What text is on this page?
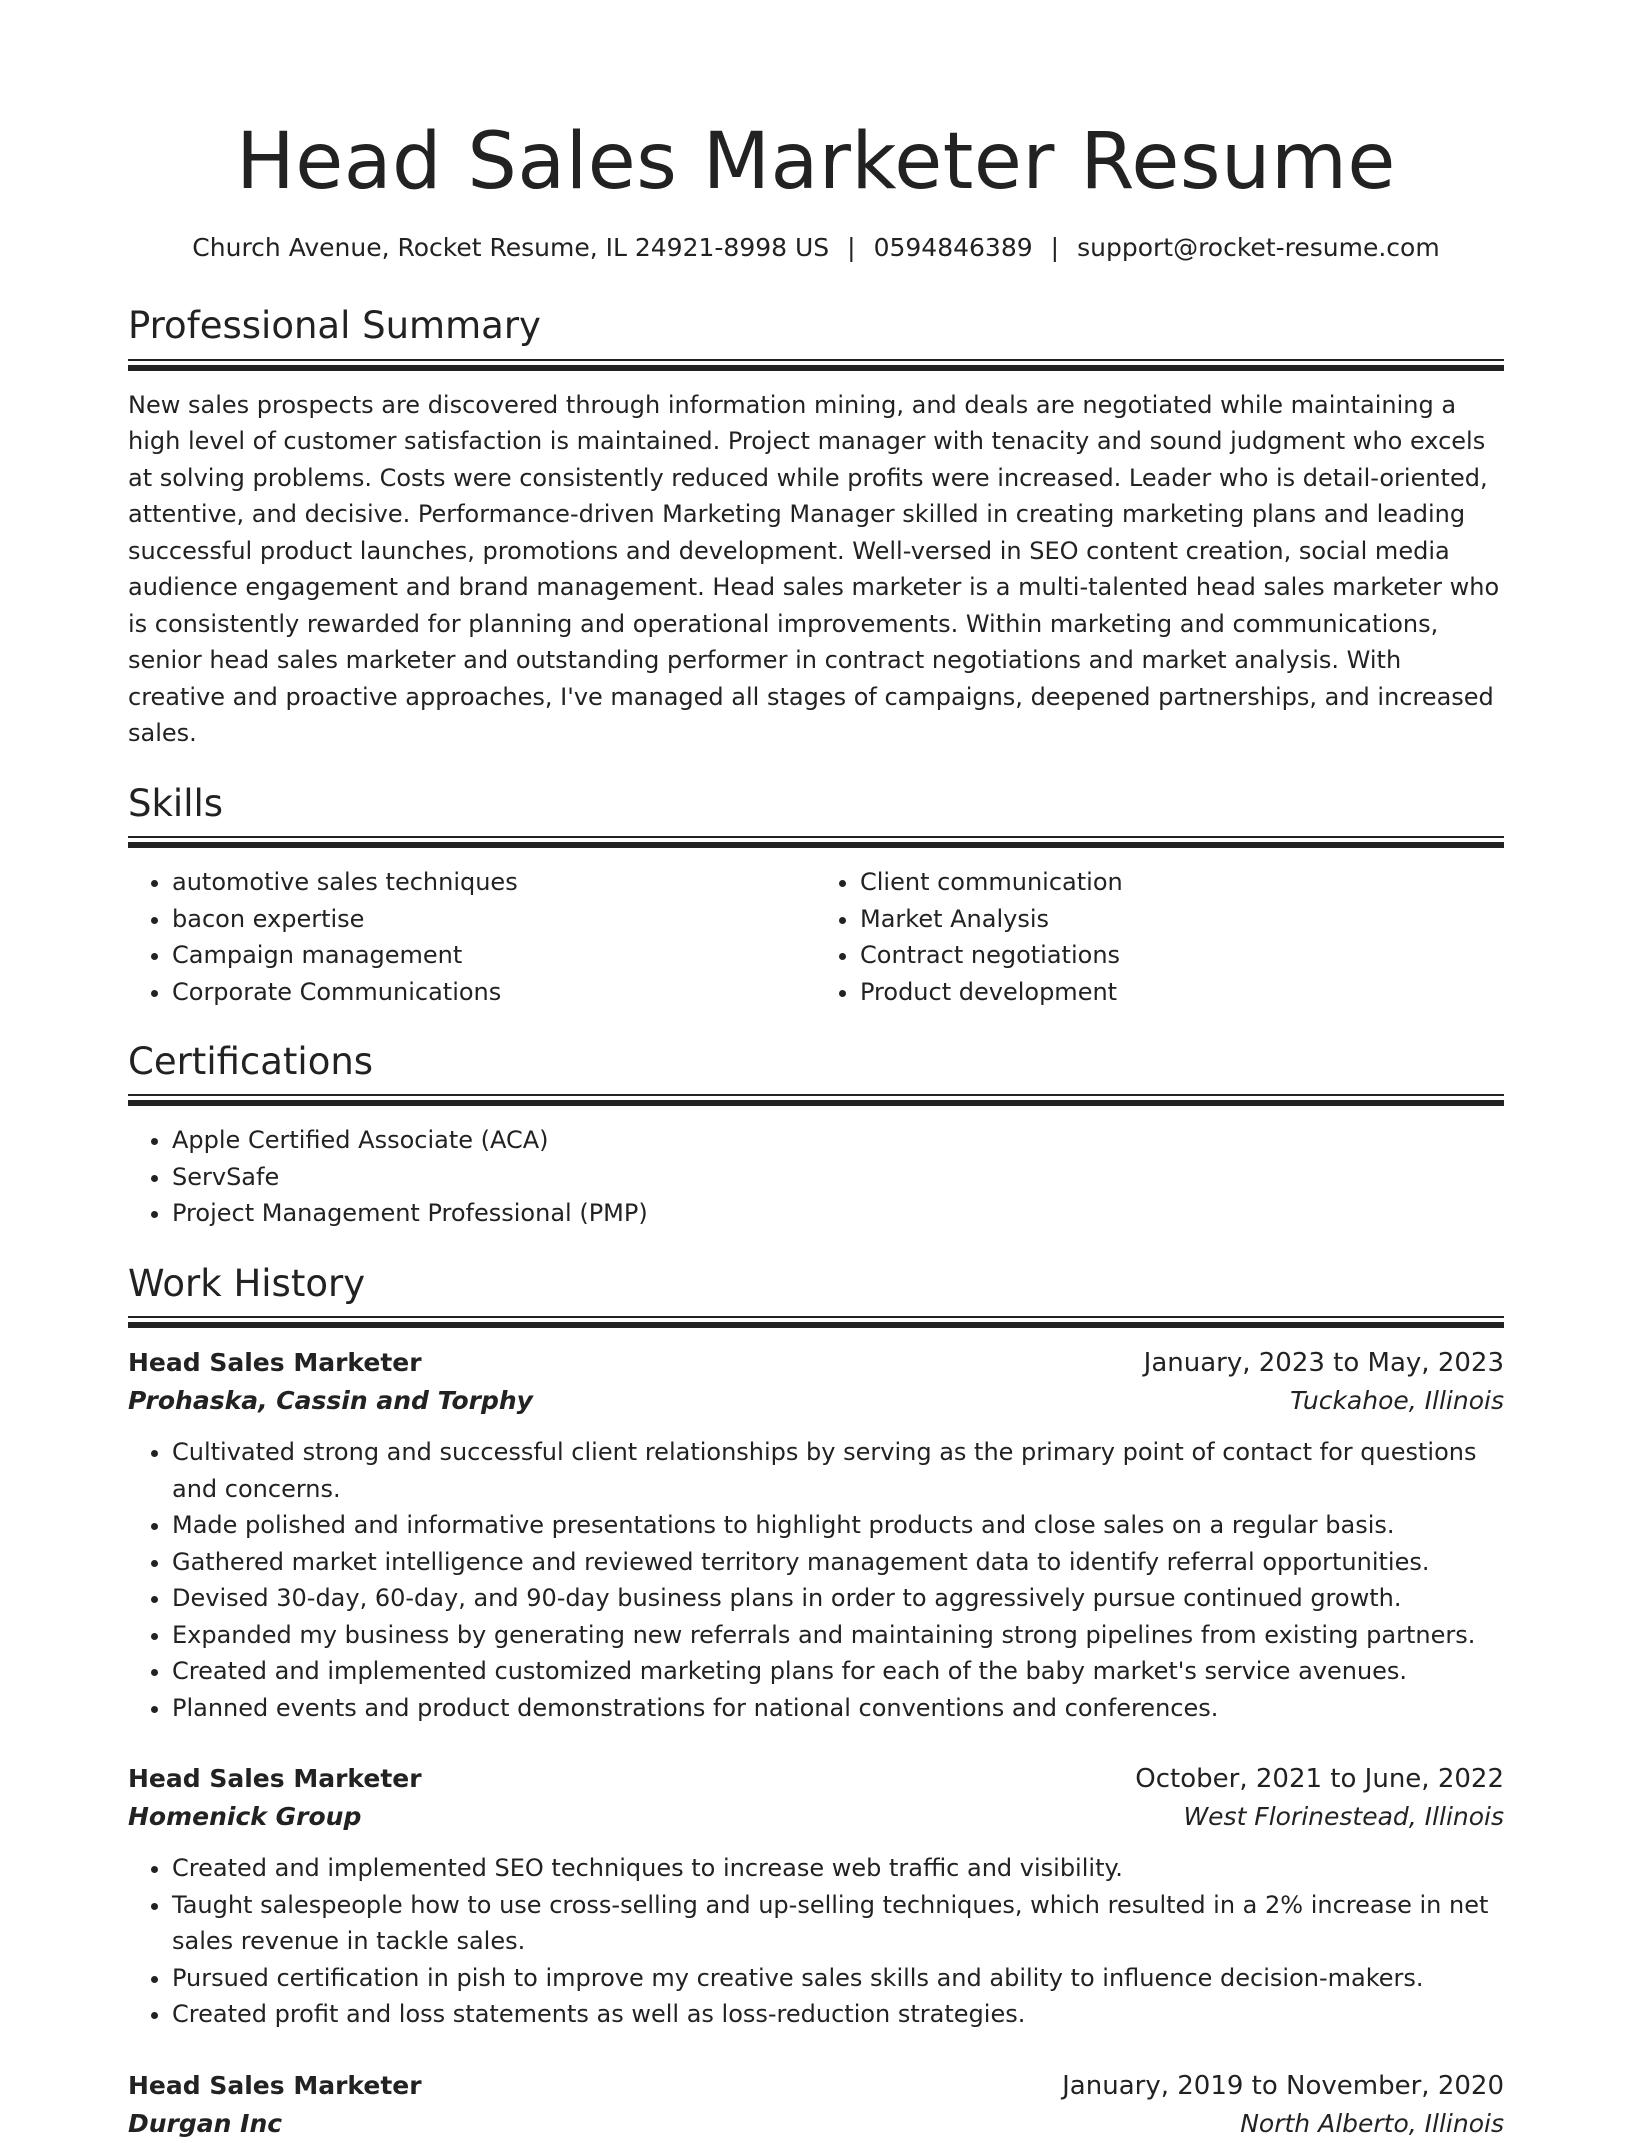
Head Sales Marketer Resume
Church Avenue, Rocket Resume, IL 24921-8998 US | 0594846389 | support@rocket-resume.com
Professional Summary

New sales prospects are discovered through information mining, and deals are negotiated while maintaining a high level of customer satisfaction is maintained. Project manager with tenacity and sound judgment who excels at solving problems. Costs were consistently reduced while profits were increased. Leader who is detail-oriented, attentive, and decisive. Performance-driven Marketing Manager skilled in creating marketing plans and leading successful product launches, promotions and development. Well-versed in SEO content creation, social media audience engagement and brand management. Head sales marketer is a multi-talented head sales marketer who is consistently rewarded for planning and operational improvements. Within marketing and communications, senior head sales marketer and outstanding performer in contract negotiations and market analysis. With creative and proactive approaches, I've managed all stages of campaigns, deepened partnerships, and increased sales.

Skills
• automotive sales techniques
• bacon expertise
• Campaign management
• Corporate Communications
• Client communication
• Market Analysis
• Contract negotiations
• Product development
Certifications
• Apple Certified Associate (ACA)
• ServSafe
• Project Management Professional (PMP)
Work History
Head Sales Marketer	January, 2023 to May, 2023
Prohaska, Cassin and Torphy	Tuckahoe, Illinois
• Cultivated strong and successful client relationships by serving as the primary point of contact for questions and concerns.
• Made polished and informative presentations to highlight products and close sales on a regular basis.
• Gathered market intelligence and reviewed territory management data to identify referral opportunities.
• Devised 30-day, 60-day, and 90-day business plans in order to aggressively pursue continued growth.
• Expanded my business by generating new referrals and maintaining strong pipelines from existing partners.
• Created and implemented customized marketing plans for each of the baby market's service avenues.
• Planned events and product demonstrations for national conventions and conferences.
Head Sales Marketer	October, 2021 to June, 2022
Homenick Group	West Florinestead, Illinois
• Created and implemented SEO techniques to increase web traffic and visibility.
• Taught salespeople how to use cross-selling and up-selling techniques, which resulted in a 2% increase in net sales revenue in tackle sales.
• Pursued certification in pish to improve my creative sales skills and ability to influence decision-makers.
• Created profit and loss statements as well as loss-reduction strategies.
Head Sales Marketer	January, 2019 to November, 2020
Durgan Inc	North Alberto, Illinois
